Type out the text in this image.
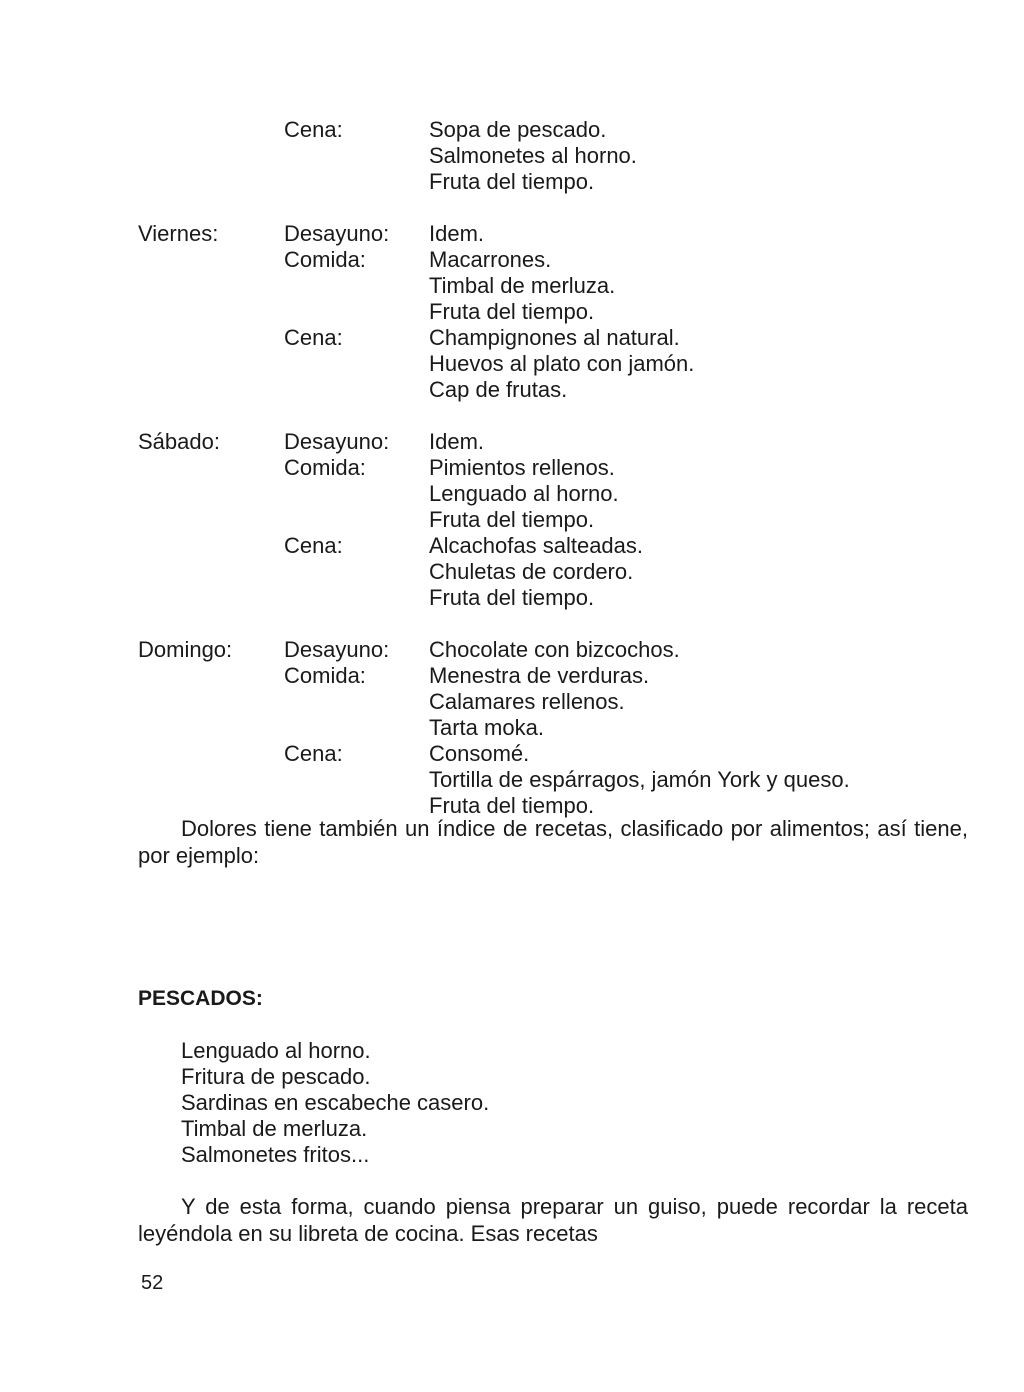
Cena:	Sopa de pescado.
Salmonetes al horno.
Fruta del tiempo.
Viernes:	Desayuno: Idem.
Comida:	Macarrones.
Timbal de merluza.
Fruta del tiempo.
Cena:	Champignones al natural.
Huevos al plato con jamón.
Cap de frutas.
Sábado:	Desayuno: Idem.
Comida:	Pimientos rellenos.
Lenguado al horno.
Fruta del tiempo.
Cena:	Alcachofas salteadas.
Chuletas de cordero.
Fruta del tiempo.
Domingo: Desayuno: Chocolate con bizcochos.
Comida:	Menestra de verduras.
Calamares rellenos.
Tarta moka.
Cena:	Consomé.
Tortilla de espárragos, jamón York y queso.
Fruta del tiempo.

Dolores tiene también un índice de recetas, clasificado por alimentos; así tiene, por ejemplo:

PESCADOS:
Lenguado al horno.
Fritura de pescado.
Sardinas en escabeche casero.
Timbal de merluza.
Salmonetes fritos...

Y de esta forma, cuando piensa preparar un guiso, puede recordar la receta leyéndola en su libreta de cocina. Esas recetas

52
